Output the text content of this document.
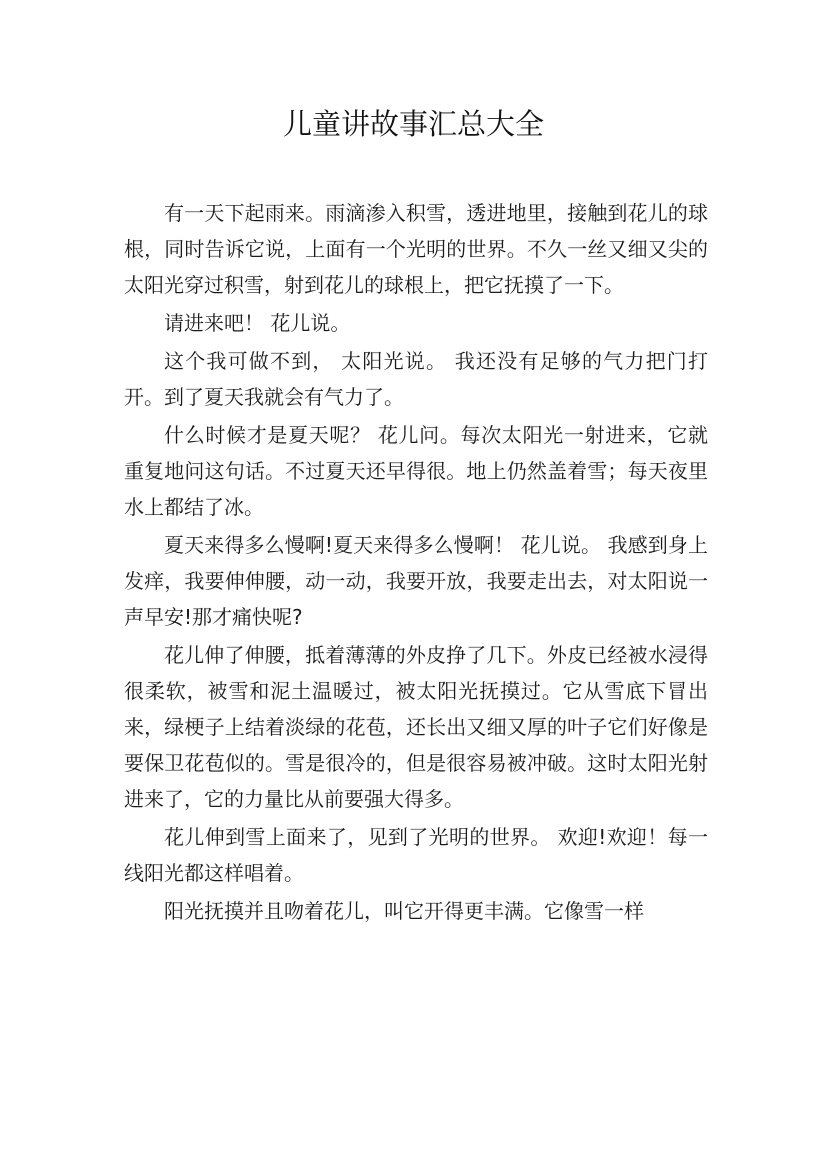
儿童讲故事汇总大全

有一天下起雨来。雨滴渗入积雪，透进地里，接触到花儿的球根，同时告诉它说，上面有一个光明的世界。不久一丝又细又尖的太阳光穿过积雪，射到花儿的球根上，把它抚摸了一下。

请进来吧！ 花儿说。

这个我可做不到， 太阳光说。 我还没有足够的气力把门打开。到了夏天我就会有气力了。

什么时候才是夏天呢？ 花儿问。每次太阳光一射进来，它就重复地问这句话。不过夏天还早得很。地上仍然盖着雪；每天夜里水上都结了冰。

夏天来得多么慢啊!夏天来得多么慢啊！ 花儿说。 我感到身上发痒，我要伸伸腰，动一动，我要开放，我要走出去，对太阳说一声早安!那才痛快呢?

花儿伸了伸腰，抵着薄薄的外皮挣了几下。外皮已经被水浸得很柔软，被雪和泥土温暖过，被太阳光抚摸过。它从雪底下冒出来，绿梗子上结着淡绿的花苞，还长出又细又厚的叶子它们好像是要保卫花苞似的。雪是很冷的，但是很容易被冲破。这时太阳光射进来了，它的力量比从前要强大得多。

花儿伸到雪上面来了，见到了光明的世界。 欢迎!欢迎！每一线阳光都这样唱着。

阳光抚摸并且吻着花儿，叫它开得更丰满。它像雪一样
